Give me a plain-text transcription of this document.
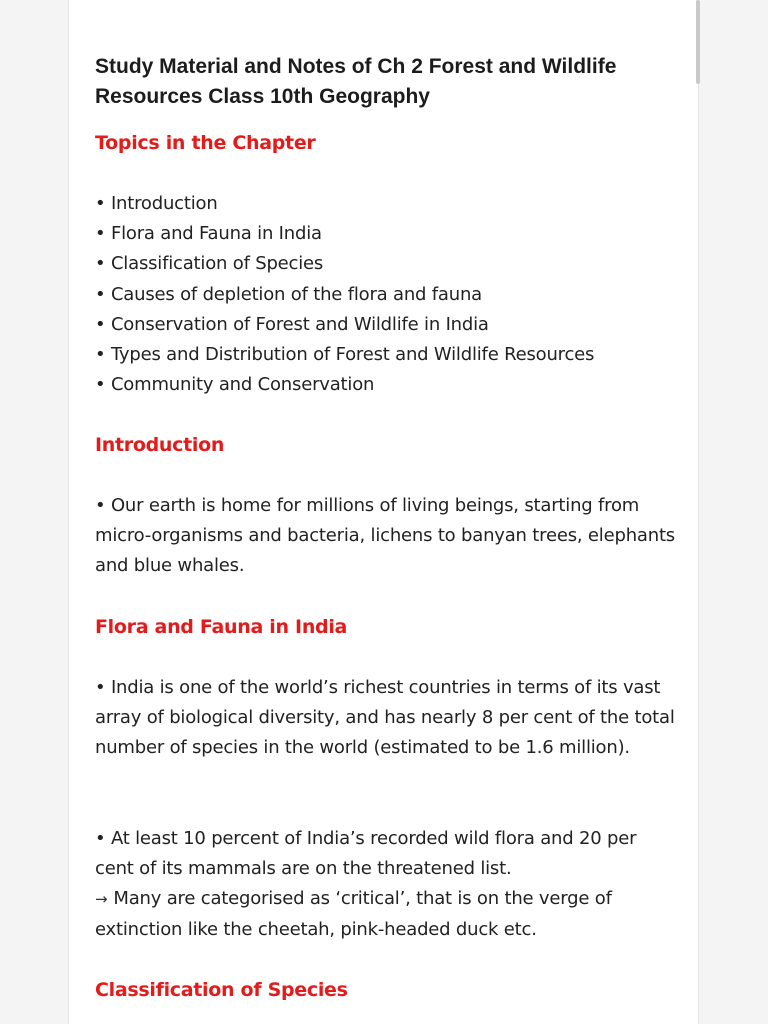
Study Material and Notes of Ch 2 Forest and Wildlife Resources Class 10th Geography
Topics in the Chapter
• Introduction
• Flora and Fauna in India
• Classification of Species
• Causes of depletion of the flora and fauna
• Conservation of Forest and Wildlife in India
• Types and Distribution of Forest and Wildlife Resources
• Community and Conservation
Introduction

• Our earth is home for millions of living beings, starting from micro-organisms and bacteria, lichens to banyan trees, elephants and blue whales.

Flora and Fauna in India

• India is one of the world’s richest countries in terms of its vast array of biological diversity, and has nearly 8 per cent of the total number of species in the world (estimated to be 1.6 million).

• At least 10 percent of India’s recorded wild flora and 20 per cent of its mammals are on the threatened list.

→ Many are categorised as ‘critical’, that is on the verge of extinction like the cheetah, pink-headed duck etc.

Classification of Species
